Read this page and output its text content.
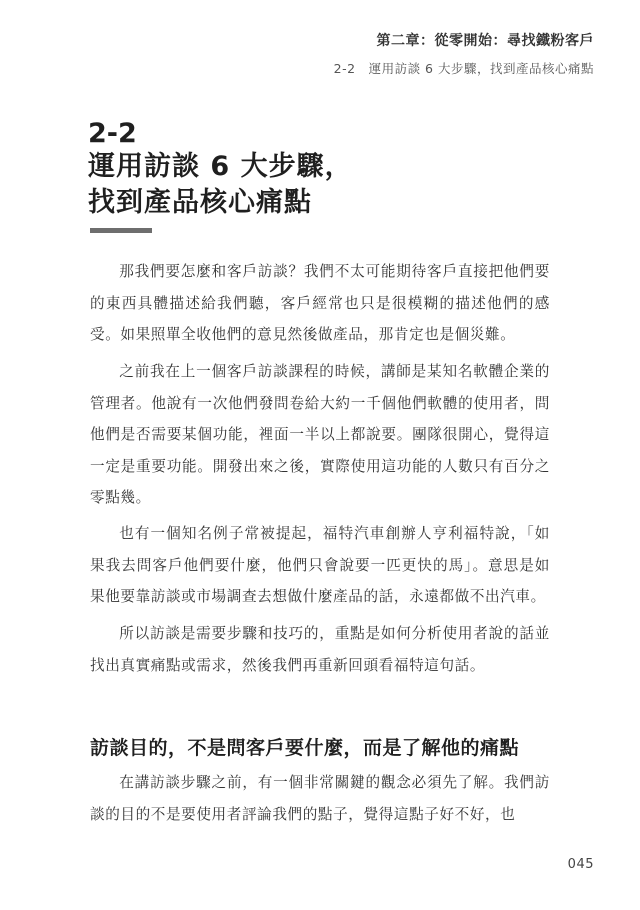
第二章：從零開始：尋找鐵粉客戶
2-2　運用訪談 6 大步驟，找到產品核心痛點
2-2
運用訪談 6 大步驟，
找到產品核心痛點

那我們要怎麼和客戶訪談？我們不太可能期待客戶直接把他們要的東西具體描述給我們聽，客戶經常也只是很模糊的描述他們的感受。如果照單全收他們的意見然後做產品，那肯定也是個災難。

之前我在上一個客戶訪談課程的時候，講師是某知名軟體企業的管理者。他說有一次他們發問卷給大約一千個他們軟體的使用者，問他們是否需要某個功能，裡面一半以上都說要。團隊很開心，覺得這一定是重要功能。開發出來之後，實際使用這功能的人數只有百分之零點幾。

也有一個知名例子常被提起，福特汽車創辦人亨利福特說，「如果我去問客戶他們要什麼，他們只會說要一匹更快的馬」。意思是如果他要靠訪談或市場調查去想做什麼產品的話，永遠都做不出汽車。

所以訪談是需要步驟和技巧的，重點是如何分析使用者說的話並找出真實痛點或需求，然後我們再重新回頭看福特這句話。

訪談目的，不是問客戶要什麼，而是了解他的痛點

在講訪談步驟之前，有一個非常關鍵的觀念必須先了解。我們訪談的目的不是要使用者評論我們的點子，覺得這點子好不好，也

045
